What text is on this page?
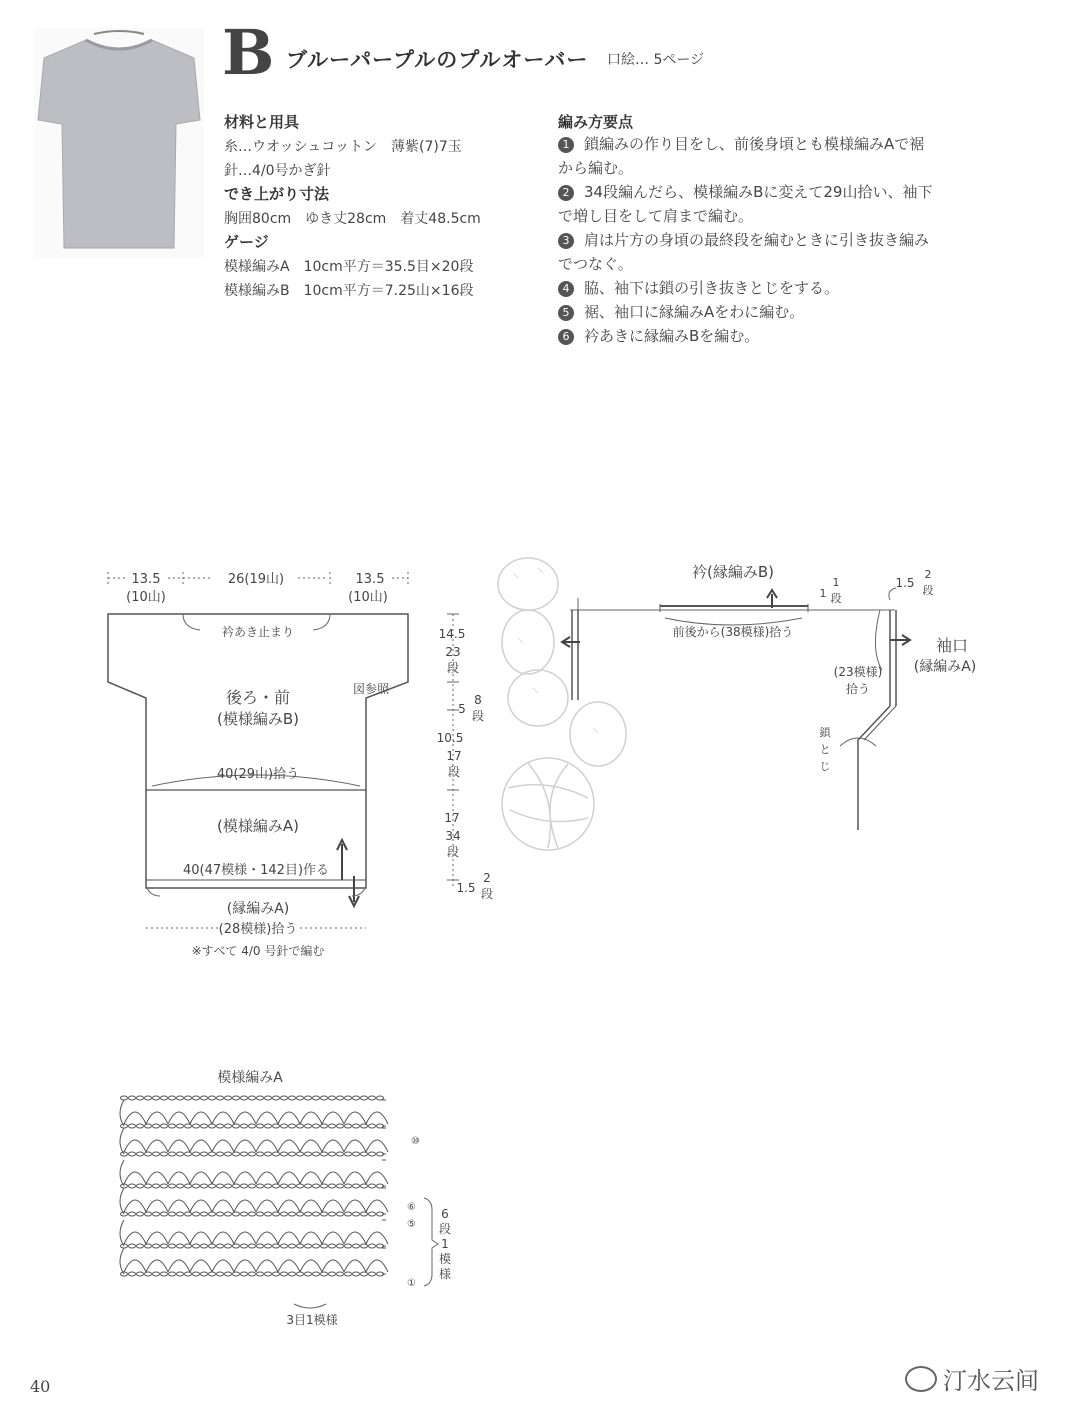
B ブルーパープルのプルオーバー 口絵… 5ページ
材料と用具
糸…ウオッシュコットン　薄紫(7)7玉
針…4/0号かぎ針
でき上がり寸法
胸囲80cm　ゆき丈28cm　着丈48.5cm
ゲージ
模様編みA　10cm平方＝35.5目×20段
模様編みB　10cm平方＝7.25山×16段
編み方要点
1 鎖編みの作り目をし、前後身頃とも模様編みAで裾
から編む。
2 34段編んだら、模様編みBに変えて29山拾い、袖下
で増し目をして肩まで編む。
3 肩は片方の身頃の最終段を編むときに引き抜き編み
でつなぐ。
4 脇、袖下は鎖の引き抜きとじをする。
5 裾、袖口に縁編みAをわに編む。
6 衿あきに縁編みBを編む。
13.5
(10山)
26(19山)	13.5
(10山)
衿あき止まり
図参照
後ろ・前
(模様編みB)
40(29山)拾う
(模様編みA)
40(47模様・142目)作る
(縁編みA)
(28模様)拾う
※すべて 4/0 号針で編む
14.5
23
段
5
8
段
10.5
17
段
17
34
段
1.5
2
段
衿(縁編みB)
1
1
段
前後から(38模様)拾う
1.5
2
段
袖口
(縁編みA)
(23模様)
拾う
鎖
と
じ
模様編みA
⑩
⑥
⑤
①
6
段
1
模
様
3目1模様
40	汀水云间
